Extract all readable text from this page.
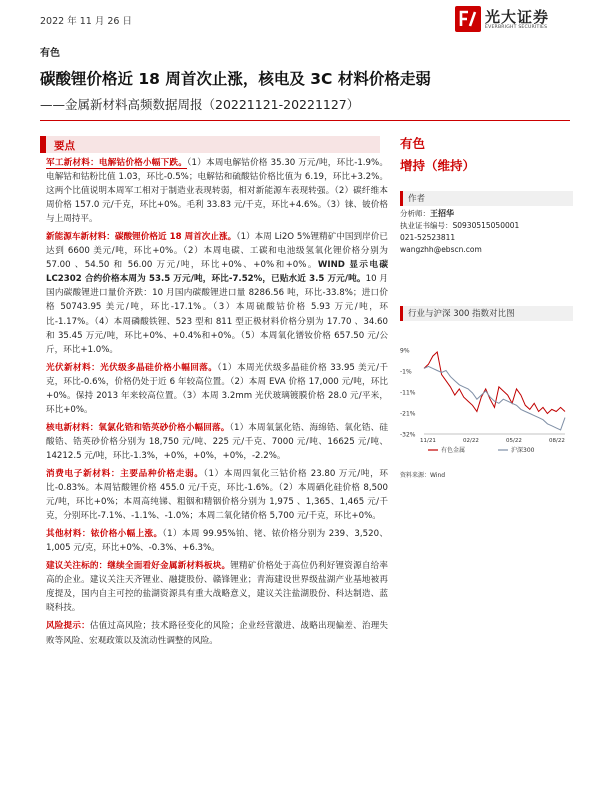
2022 年 11 月 26 日	光大证券
EVERBRIGHT SECURITIES
有色
碳酸锂价格近 18 周首次止涨，核电及 3C 材料价格走弱
——金属新材料高频数据周报（20221121-20221127）
要点

军工新材料：电解钴价格小幅下跌。（1）本周电解钴价格 35.30 万元/吨，环比-1.9%。电解钴和钴粉比值 1.03，环比-0.5%；电解钴和硫酸钴价格比值为 6.19，环比+3.2%。这两个比值说明本周军工相对于制造业表现转弱，相对新能源车表现转强。（2）碳纤维本周价格 157.0 元/千克，环比+0%。毛利 33.83 元/千克，环比+4.6%。（3）铼、铍价格与上周持平。

新能源车新材料：碳酸锂价格近 18 周首次止涨。（1）本周 Li2O 5%锂精矿中国到岸价已达到 6600 美元/吨，环比+0%。（2）本周电碳、工碳和电池级氢氧化锂价格分别为 57.00 、54.50 和 56.00 万元/吨，环比+0%、+0%和+0%。WIND 显示电碳 LC2302 合约价格本周为 53.5 万元/吨，环比-7.52%，已贴水近 3.5 万元/吨。10 月国内碳酸锂进口量价齐跌：10 月国内碳酸锂进口量 8286.56 吨，环比-33.8%；进口价格 50743.95 美元/吨，环比-17.1%。（3）本周硫酸钴价格 5.93 万元/吨，环比-1.17%。（4）本周磷酸铁锂、523 型和 811 型正极材料价格分别为 17.70 、34.60 和 35.45 万元/吨，环比+0%、+0.4%和+0%。（5）本周氧化镨钕价格 657.50 元/公斤，环比+1.0%。

光伏新材料：光伏级多晶硅价格小幅回落。（1）本周光伏级多晶硅价格 33.95 美元/千克，环比-0.6%，价格仍处于近 6 年较高位置。（2）本周 EVA 价格 17,000 元/吨，环比+0%。保持 2013 年来较高位置。（3）本周 3.2mm 光伏玻璃镀膜价格 28.0 元/平米，环比+0%。

核电新材料：氧氯化锆和锆英砂价格小幅回落。（1）本周氧氯化锆、海绵锆、氧化锆、硅酸锆、锆英砂价格分别为 18,750 元/吨、225 元/千克、7000 元/吨、16625 元/吨、14212.5 元/吨，环比-1.3%，+0%，+0%，+0%，-2.2%。

消费电子新材料：主要品种价格走弱。（1）本周四氧化三钴价格 23.80 万元/吨，环比-0.83%。本周钴酸锂价格 455.0 元/千克，环比-1.6%。（2）本周硒化硅价格 8,500 元/吨，环比+0%；本周高纯锑、粗铟和精铟价格分别为 1,975 、1,365、1,465 元/千克，分别环比-7.1%、-1.1%、-1.0%；本周二氧化锗价格 5,700 元/千克，环比+0%。

其他材料：铱价格小幅上涨。（1）本周 99.95%铂、铑、铱价格分别为 239、3,520、1,005 元/克，环比+0%、-0.3%、+6.3%。

建议关注标的：继续全面看好金属新材料板块。锂精矿价格处于高位仍利好锂资源自给率高的企业。建议关注天齐锂业、融捷股份、赣锋锂业；青海建设世界级盐湖产业基地被再度提及，国内自主可控的盐湖资源具有重大战略意义，建议关注盐湖股份、科达制造、蓝晓科技。

风险提示：估值过高风险；技术路径变化的风险；企业经营激进、战略出现偏差、治理失败等风险、宏观政策以及流动性调整的风险。

有色
增持（维持）
作者
分析师：王招华
执业证书编号：S0930515050001
021-52523811
wangzhh@ebscn.com
行业与沪深 300 指数对比图
9%
-1%
-11%
-21%
-32%
11/21	02/22	05/22	08/22
有色金属	沪深300
资料来源：Wind
